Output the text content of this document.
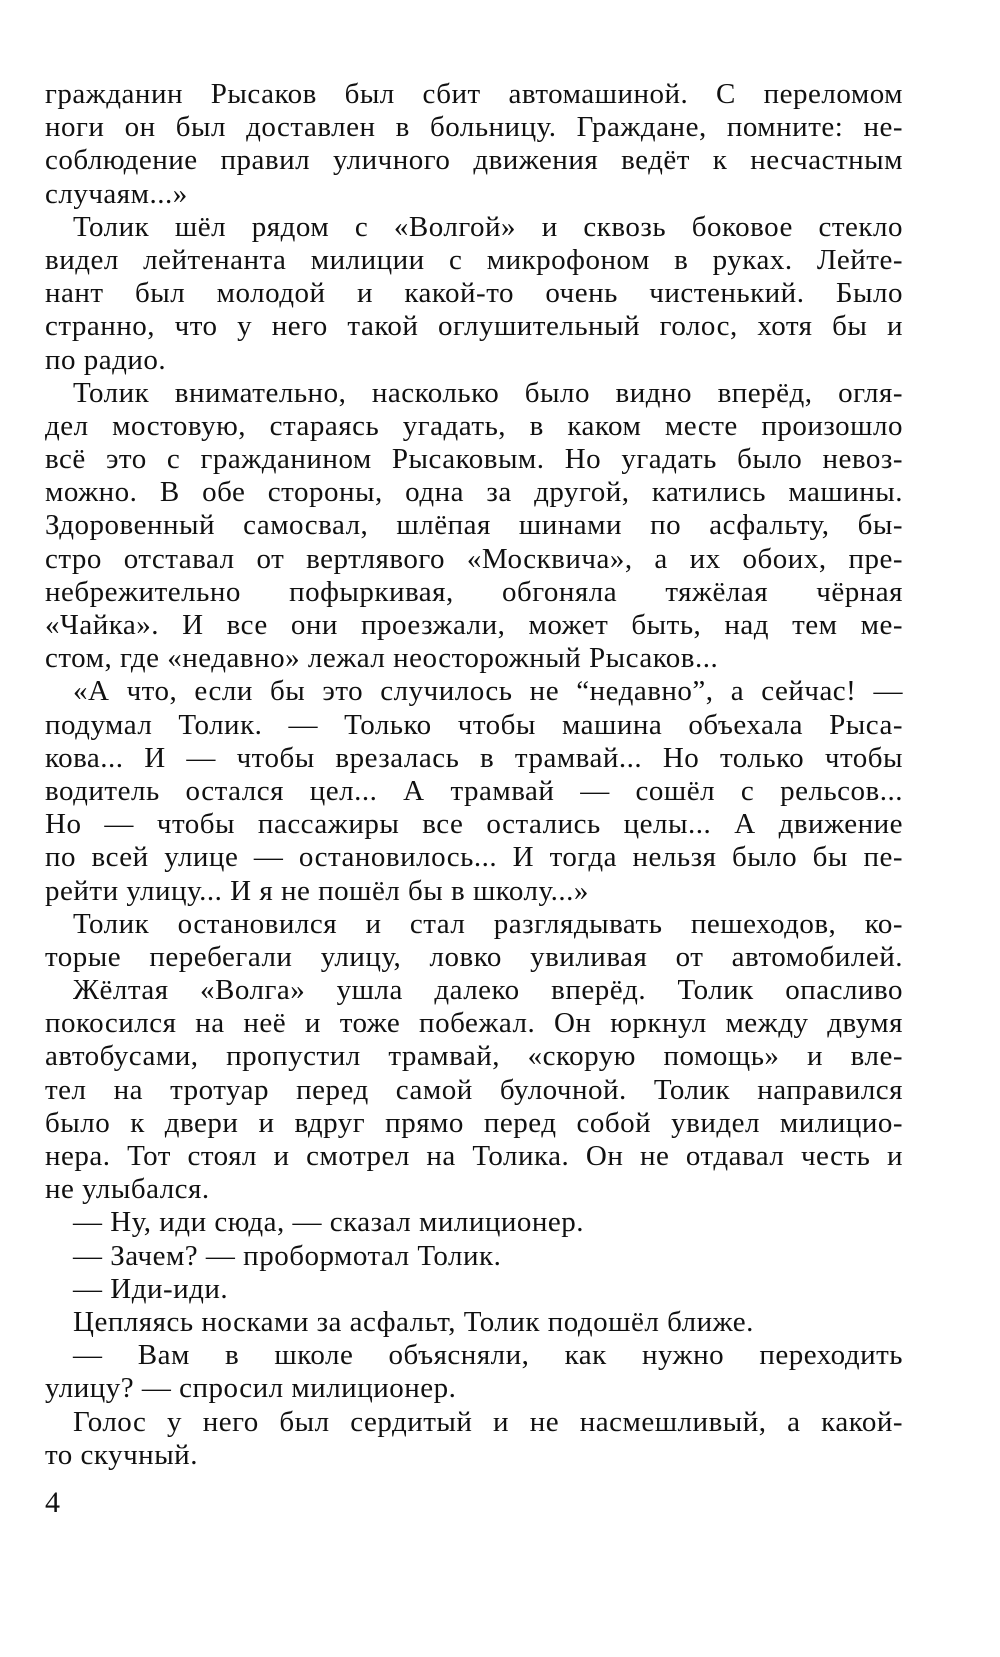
гражданин Рысаков был сбит автомашиной. С переломом
ноги он был доставлен в больницу. Граждане, помните: не-
соблюдение правил уличного движения ведёт к несчастным
случаям...»
Толик шёл рядом с «Волгой» и сквозь боковое стекло
видел лейтенанта милиции с микрофоном в руках. Лейте-
нант был молодой и какой-то очень чистенький. Было
странно, что у него такой оглушительный голос, хотя бы и
по радио.
Толик внимательно, насколько было видно вперёд, огля-
дел мостовую, стараясь угадать, в каком месте произошло
всё это с гражданином Рысаковым. Но угадать было невоз-
можно. В обе стороны, одна за другой, катились машины.
Здоровенный самосвал, шлёпая шинами по асфальту, бы-
стро отставал от вертлявого «Москвича», а их обоих, пре-
небрежительно пофыркивая, обгоняла тяжёлая чёрная
«Чайка». И все они проезжали, может быть, над тем ме-
стом, где «недавно» лежал неосторожный Рысаков...
«А что, если бы это случилось не “недавно”, а сейчас! —
подумал Толик. — Только чтобы машина объехала Рыса-
кова... И — чтобы врезалась в трамвай... Но только чтобы
водитель остался цел... А трамвай — сошёл с рельсов...
Но — чтобы пассажиры все остались целы... А движение
по всей улице — остановилось... И тогда нельзя было бы пе-
рейти улицу... И я не пошёл бы в школу...»
Толик остановился и стал разглядывать пешеходов, ко-
торые перебегали улицу, ловко увиливая от автомобилей.
Жёлтая «Волга» ушла далеко вперёд. Толик опасливо
покосился на неё и тоже побежал. Он юркнул между двумя
автобусами, пропустил трамвай, «скорую помощь» и вле-
тел на тротуар перед самой булочной. Толик направился
было к двери и вдруг прямо перед собой увидел милицио-
нера. Тот стоял и смотрел на Толика. Он не отдавал честь и
не улыбался.
— Ну, иди сюда, — сказал милиционер.
— Зачем? — пробормотал Толик.
— Иди-иди.
Цепляясь носками за асфальт, Толик подошёл ближе.
— Вам в школе объясняли, как нужно переходить
улицу? — спросил милиционер.
Голос у него был сердитый и не насмешливый, а какой-
то скучный.
4
